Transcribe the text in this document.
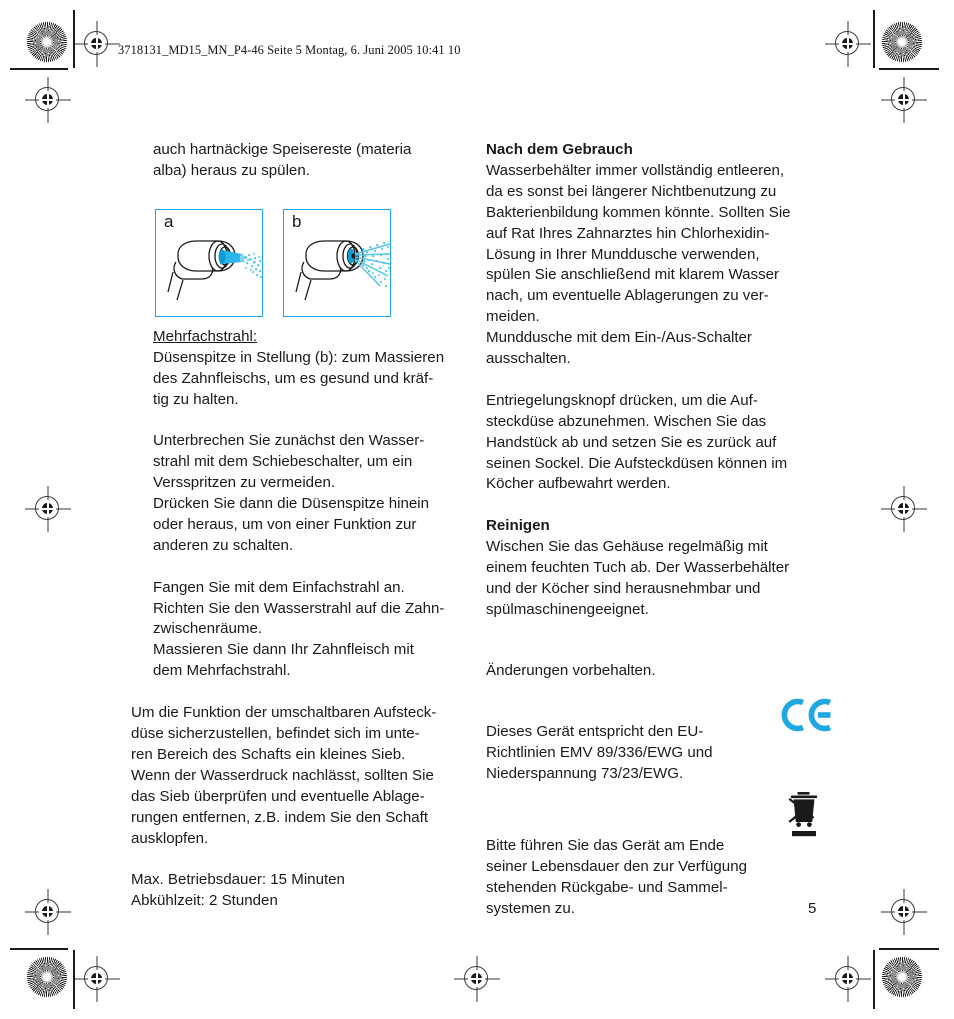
3718131_MD15_MN_P4-46 Seite 5 Montag, 6. Juni 2005 10:41 10

auch hartnäckige Speisereste (materia

alba) heraus zu spülen.

Mehrfachstrahl:

Düsenspitze in Stellung (b): zum Massieren

des Zahnfleischs, um es gesund und kräf-

tig zu halten.

Unterbrechen Sie zunächst den Wasser-

strahl mit dem Schiebeschalter, um ein

Versspritzen zu vermeiden.

Drücken Sie dann die Düsenspitze hinein

oder heraus, um von einer Funktion zur

anderen zu schalten.

Fangen Sie mit dem Einfachstrahl an.

Richten Sie den Wasserstrahl auf die Zahn-

zwischenräume.

Massieren Sie dann Ihr Zahnfleisch mit

dem Mehrfachstrahl.

Um die Funktion der umschaltbaren Aufsteck-

düse sicherzustellen, befindet sich im unte-

ren Bereich des Schafts ein kleines Sieb.

Wenn der Wasserdruck nachlässt, sollten Sie

das Sieb überprüfen und eventuelle Ablage-

rungen entfernen, z.B. indem Sie den Schaft

ausklopfen.

Max. Betriebsdauer: 15 Minuten

Abkühlzeit: 2 Stunden

a	b

Nach dem Gebrauch

Wasserbehälter immer vollständig entleeren,

da es sonst bei längerer Nichtbenutzung zu

Bakterienbildung kommen könnte. Sollten Sie

auf Rat Ihres Zahnarztes hin Chlorhexidin-

Lösung in Ihrer Munddusche verwenden,

spülen Sie anschließend mit klarem Wasser

nach, um eventuelle Ablagerungen zu ver-

meiden.

Munddusche mit dem Ein-/Aus-Schalter

ausschalten.

Entriegelungsknopf drücken, um die Auf-

steckdüse abzunehmen. Wischen Sie das

Handstück ab und setzen Sie es zurück auf

seinen Sockel. Die Aufsteckdüsen können im

Köcher aufbewahrt werden.

Reinigen

Wischen Sie das Gehäuse regelmäßig mit

einem feuchten Tuch ab. Der Wasserbehälter

und der Köcher sind herausnehmbar und

spülmaschinengeeignet.

Änderungen vorbehalten.

Dieses Gerät entspricht den EU-

Richtlinien EMV 89/336/EWG und

Niederspannung 73/23/EWG.

Bitte führen Sie das Gerät am Ende

seiner Lebensdauer den zur Verfügung

stehenden Rückgabe- und Sammel-

systemen zu.	5
